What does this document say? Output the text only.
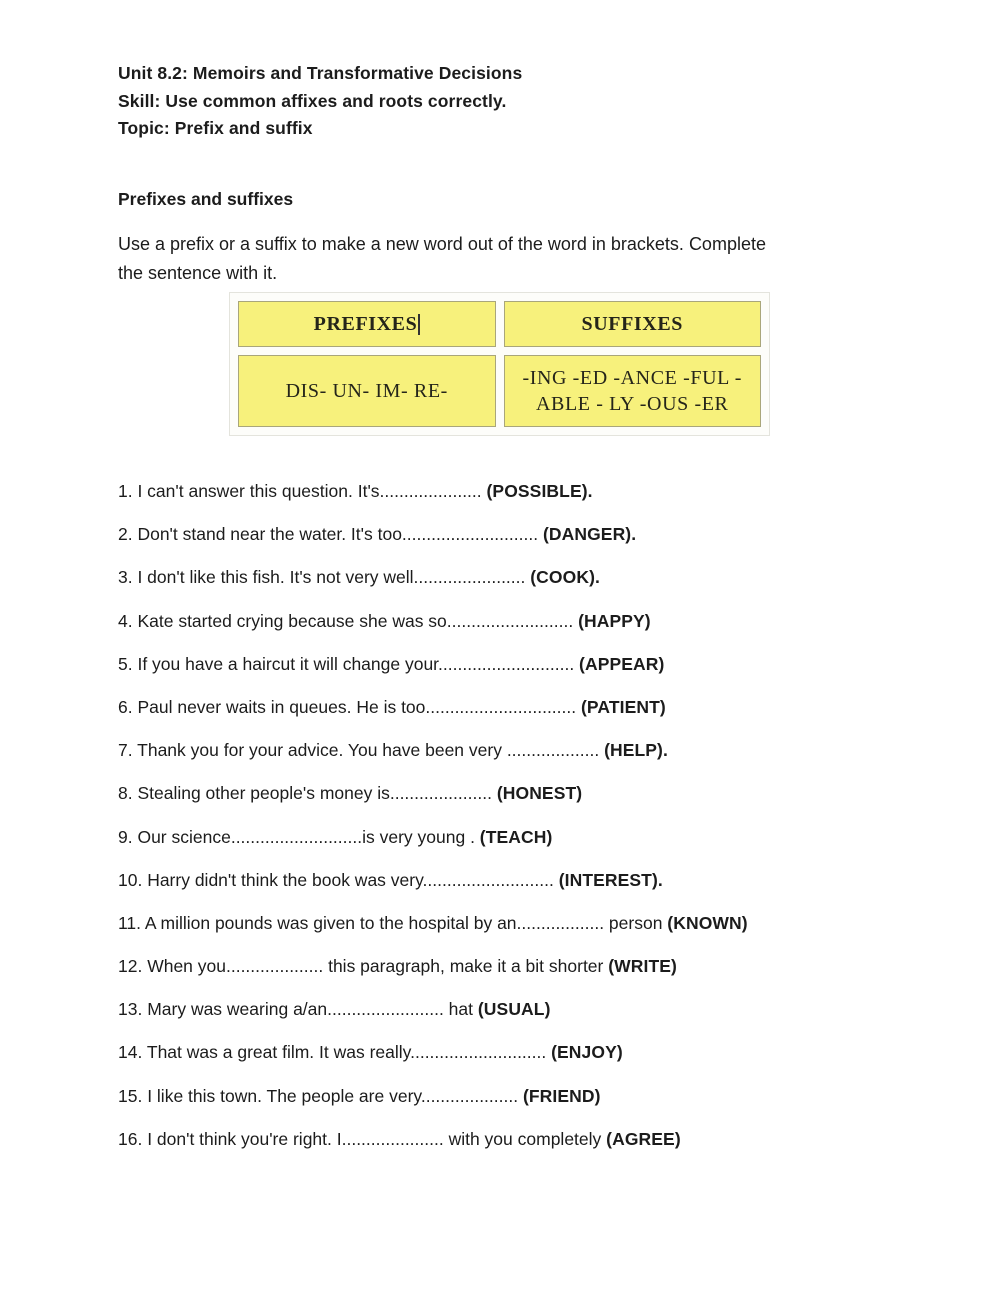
Unit 8.2: Memoirs and Transformative Decisions
Skill: Use common affixes and roots correctly.
Topic: Prefix and suffix
Prefixes and suffixes
Use a prefix or a suffix to make a new word out of the word in brackets. Complete
the sentence with it.
PREFIXES	SUFFIXES
DIS- UN- IM- RE-
-ING -ED -ANCE -FUL - ABLE - LY -OUS -ER
1. I can't answer this question. It's..................... (POSSIBLE).
2. Don't stand near the water. It's too............................ (DANGER).
3. I don't like this fish. It's not very well....................... (COOK).
4. Kate started crying because she was so.......................... (HAPPY)
5. If you have a haircut it will change your............................ (APPEAR)
6. Paul never waits in queues. He is too............................... (PATIENT)
7. Thank you for your advice. You have been very ................... (HELP).
8. Stealing other people's money is..................... (HONEST)
9. Our science...........................is very young . (TEACH)
10. Harry didn't think the book was very........................... (INTEREST).
11. A million pounds was given to the hospital by an.................. person (KNOWN)
12. When you.................... this paragraph, make it a bit shorter (WRITE)
13. Mary was wearing a/an........................ hat (USUAL)
14. That was a great film. It was really............................ (ENJOY)
15. I like this town. The people are very.................... (FRIEND)
16. I don't think you're right. I..................... with you completely (AGREE)
